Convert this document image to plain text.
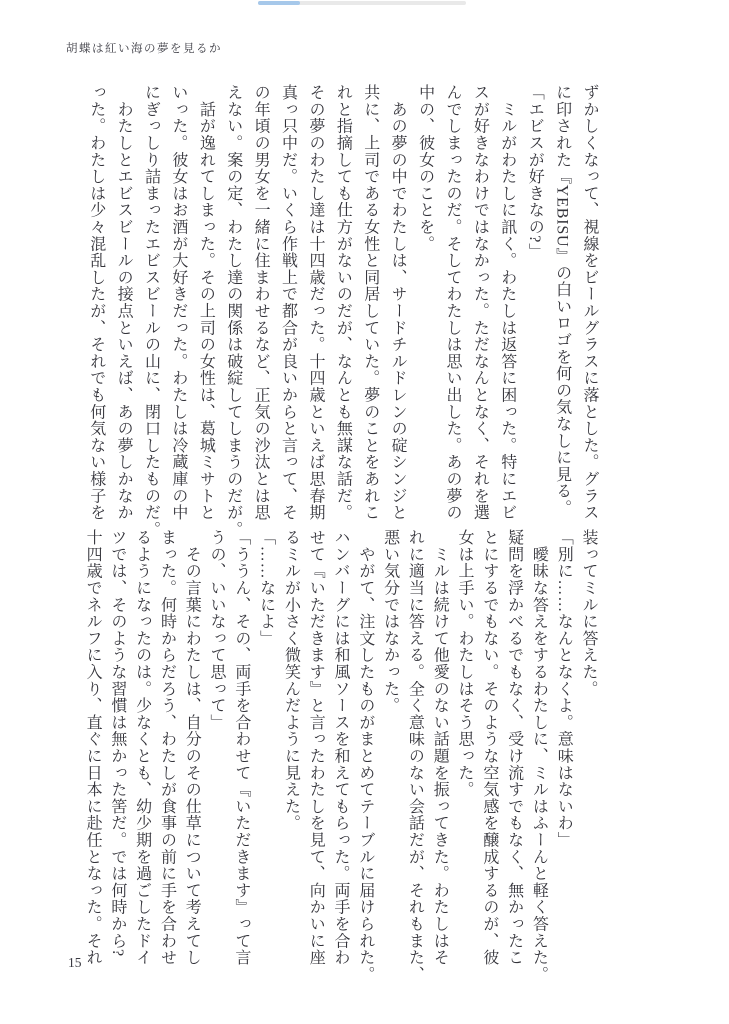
胡蝶は紅い海の夢を見るか
ずかしくなって、視線をビールグラスに落とした。グラス
に印された『YEBISU』の白いロゴを何の気なしに見る。
「エビスが好きなの?」
　ミルがわたしに訊く。わたしは返答に困った。特にエビ
スが好きなわけではなかった。ただなんとなく、それを選
んでしまったのだ。そしてわたしは思い出した。あの夢の
中の、彼女のことを。
　あの夢の中でわたしは、サードチルドレンの碇シンジと
共に、上司である女性と同居していた。夢のことをあれこ
れと指摘しても仕方がないのだが、なんとも無謀な話だ。
その夢のわたし達は十四歳だった。十四歳といえば思春期
真っ只中だ。いくら作戦上で都合が良いからと言って、そ
の年頃の男女を一緒に住まわせるなど、正気の沙汰とは思
えない。案の定、わたし達の関係は破綻してしまうのだが。
　話が逸れてしまった。その上司の女性は、葛城ミサトと
いった。彼女はお酒が大好きだった。わたしは冷蔵庫の中
にぎっしり詰まったエビスビールの山に、閉口したものだ。
　わたしとエビスビールの接点といえば、あの夢しかなか
った。わたしは少々混乱したが、それでも何気ない様子を
装ってミルに答えた。
「別に……なんとなくよ。意味はないわ」
　曖昧な答えをするわたしに、ミルはふーんと軽く答えた。
疑問を浮かべるでもなく、受け流すでもなく、無かったこ
とにするでもない。そのような空気感を醸成するのが、彼
女は上手い。わたしはそう思った。
　ミルは続けて他愛のない話題を振ってきた。わたしはそ
れに適当に答える。全く意味のない会話だが、それもまた、
悪い気分ではなかった。
　やがて、注文したものがまとめてテーブルに届けられた。
ハンバーグには和風ソースを和えてもらった。両手を合わ
せて『いただきます』と言ったわたしを見て、向かいに座
るミルが小さく微笑んだように見えた。
「……なによ」
「ううん、その、両手を合わせて『いただきます』って言
うの、いいなって思って」
　その言葉にわたしは、自分のその仕草について考えてし
まった。何時からだろう、わたしが食事の前に手を合わせ
るようになったのは。少なくとも、幼少期を過ごしたドイ
ツでは、そのような習慣は無かった筈だ。では何時から?
十四歳でネルフに入り、直ぐに日本に赴任となった。それ
15
